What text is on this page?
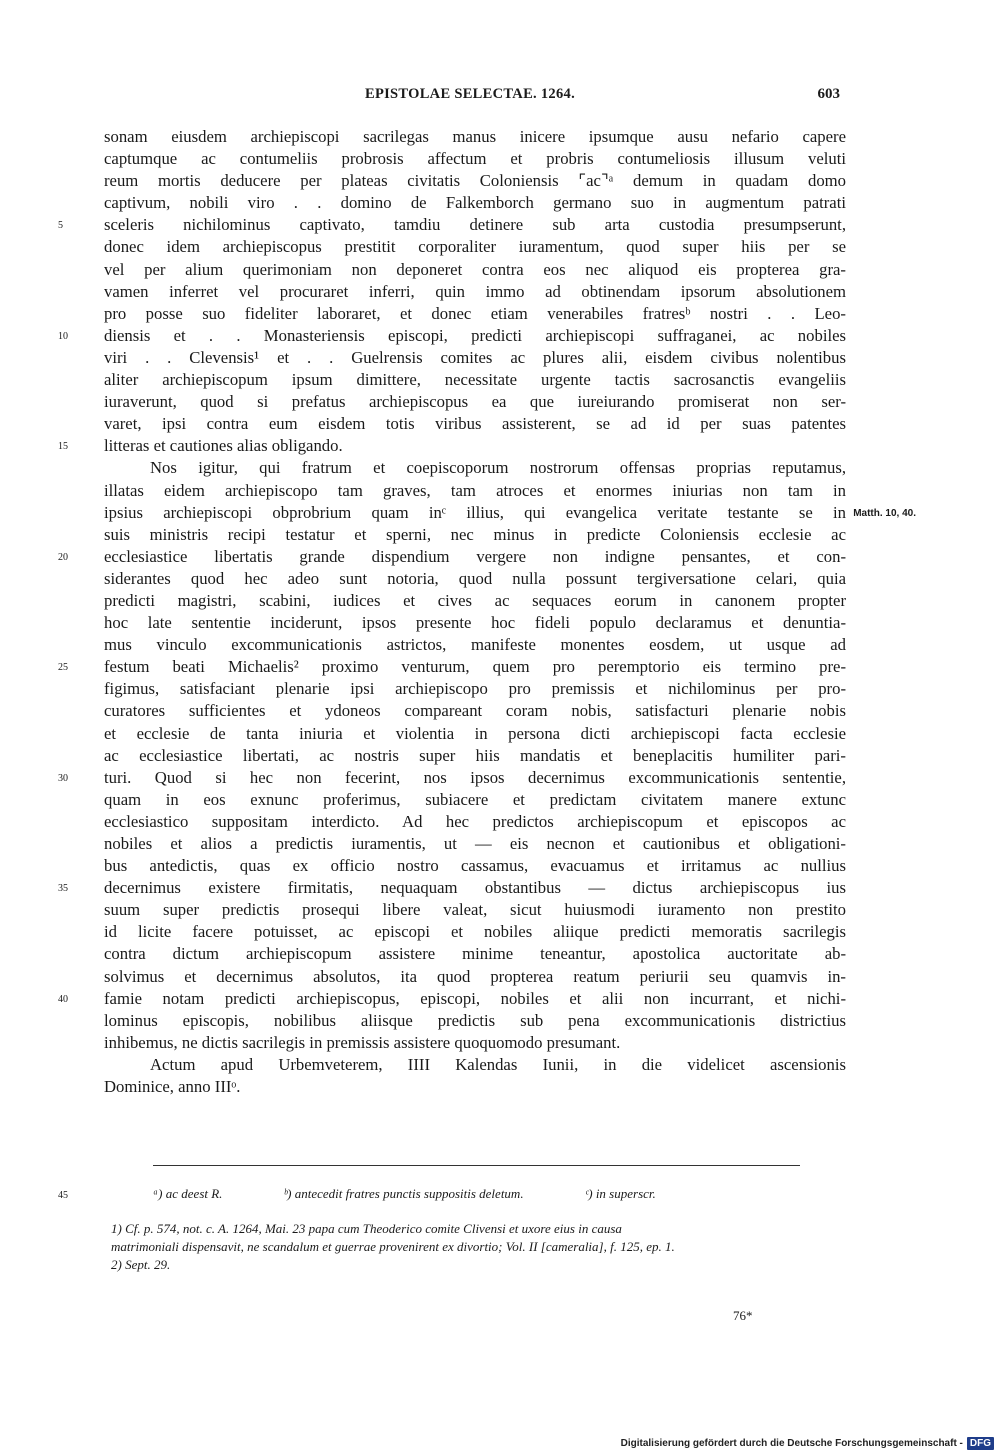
EPISTOLAE SELECTAE. 1264.	603
sonam eiusdem archiepiscopi sacrilegas manus inicere ipsumque ausu nefario capere
captumque ac contumeliis probrosis affectum et probris contumeliosis illusum veluti
reum mortis deducere per plateas civitatis Coloniensis ⌜ac⌝ᵃ demum in quadam domo
captivum, nobili viro . . domino de Falkemborch germano suo in augmentum patrati
5	sceleris nichilominus captivato, tamdiu detinere sub arta custodia presumpserunt,
donec idem archiepiscopus prestitit corporaliter iuramentum, quod super hiis per se
vel per alium querimoniam non deponeret contra eos nec aliquod eis propterea gra-
vamen inferret vel procuraret inferri, quin immo ad obtinendam ipsorum absolutionem
pro posse suo fideliter laboraret, et donec etiam venerabiles fratresᵇ nostri . . Leo-
10	diensis et . . Monasteriensis episcopi, predicti archiepiscopi suffraganei, ac nobiles
viri . . Clevensis¹ et . . Guelrensis comites ac plures alii, eisdem civibus nolentibus
aliter archiepiscopum ipsum dimittere, necessitate urgente tactis sacrosanctis evangeliis
iuraverunt, quod si prefatus archiepiscopus ea que iureiurando promiserat non ser-
varet, ipsi contra eum eisdem totis viribus assisterent, se ad id per suas patentes
15	litteras et cautiones alias obligando.
Nos igitur, qui fratrum et coepiscoporum nostrorum offensas proprias reputamus,
illatas eidem archiepiscopo tam graves, tam atroces et enormes iniurias non tam in
ipsius archiepiscopi obprobrium quam inᶜ illius, qui evangelica veritate testante se in Matth. 10, 40.
suis ministris recipi testatur et sperni, nec minus in predicte Coloniensis ecclesie ac
20	ecclesiastice libertatis grande dispendium vergere non indigne pensantes, et con-
siderantes quod hec adeo sunt notoria, quod nulla possunt tergiversatione celari, quia
predicti magistri, scabini, iudices et cives ac sequaces eorum in canonem propter
hoc late sententie inciderunt, ipsos presente hoc fideli populo declaramus et denuntia-
mus vinculo excommunicationis astrictos, manifeste monentes eosdem, ut usque ad
25	festum beati Michaelis² proximo venturum, quem pro peremptorio eis termino pre-
figimus, satisfaciant plenarie ipsi archiepiscopo pro premissis et nichilominus per pro-
curatores sufficientes et ydoneos compareant coram nobis, satisfacturi plenarie nobis
et ecclesie de tanta iniuria et violentia in persona dicti archiepiscopi facta ecclesie
ac ecclesiastice libertati, ac nostris super hiis mandatis et beneplacitis humiliter pari-
30	turi. Quod si hec non fecerint, nos ipsos decernimus excommunicationis sententie,
quam in eos exnunc proferimus, subiacere et predictam civitatem manere extunc
ecclesiastico suppositam interdicto. Ad hec predictos archiepiscopum et episcopos ac
nobiles et alios a predictis iuramentis, ut — eis necnon et cautionibus et obligationi-
bus antedictis, quas ex officio nostro cassamus, evacuamus et irritamus ac nullius
35	decernimus existere firmitatis, nequaquam obstantibus — dictus archiepiscopus ius
suum super predictis prosequi libere valeat, sicut huiusmodi iuramento non prestito
id licite facere potuisset, ac episcopi et nobiles aliique predicti memoratis sacrilegis
contra dictum archiepiscopum assistere minime teneantur, apostolica auctoritate ab-
solvimus et decernimus absolutos, ita quod propterea reatum periurii seu quamvis in-
40	famie notam predicti archiepiscopus, episcopi, nobiles et alii non incurrant, et nichi-
lominus episcopis, nobilibus aliisque predictis sub pena excommunicationis districtius
inhibemus, ne dictis sacrilegis in premissis assistere quoquomodo presumant.
Actum apud Urbemveterem, IIII Kalendas Iunii, in die videlicet ascensionis
Dominice, anno IIIᵒ.
45	ᵃ) ac deest R.	ᵇ) antecedit fratres punctis suppositis deletum.	ᶜ) in superscr.
1) Cf. p. 574, not. c. A. 1264, Mai. 23 papa cum Theoderico comite Clivensi et uxore eius in causa
matrimoniali dispensavit, ne scandalum et guerrae provenirent ex divortio; Vol. II [cameralia], f. 125, ep. 1.
2) Sept. 29.
76*
Digitalisierung gefördert durch die Deutsche Forschungsgemeinschaft - DFG
